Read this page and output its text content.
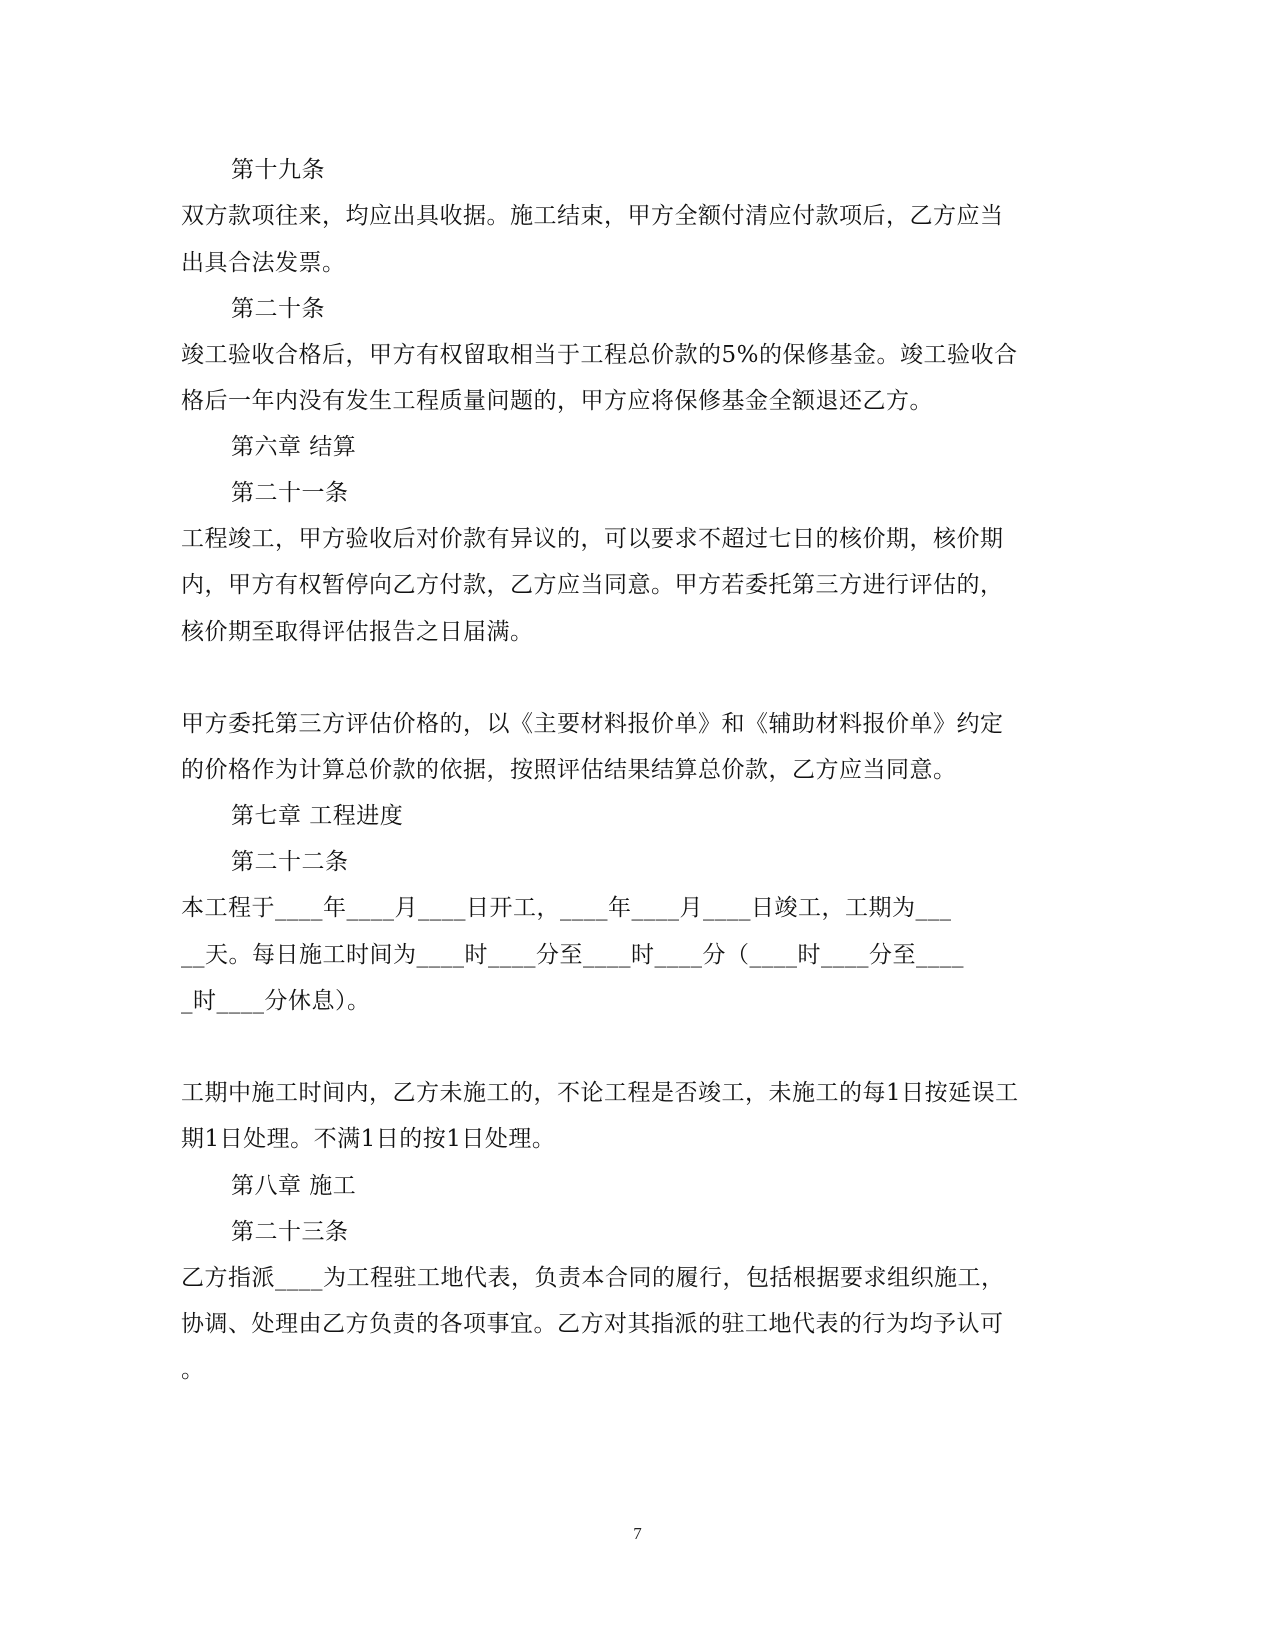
第十九条
双方款项往来，均应出具收据。施工结束，甲方全额付清应付款项后，乙方应当
出具合法发票。
第二十条
竣工验收合格后，甲方有权留取相当于工程总价款的5%的保修基金。竣工验收合
格后一年内没有发生工程质量问题的，甲方应将保修基金全额退还乙方。
第六章 结算
第二十一条
工程竣工，甲方验收后对价款有异议的，可以要求不超过七日的核价期，核价期
内，甲方有权暂停向乙方付款，乙方应当同意。甲方若委托第三方进行评估的，
核价期至取得评估报告之日届满。
甲方委托第三方评估价格的，以《主要材料报价单》和《辅助材料报价单》约定
的价格作为计算总价款的依据，按照评估结果结算总价款，乙方应当同意。
第七章 工程进度
第二十二条
本工程于____年____月____日开工，____年____月____日竣工，工期为___
__天。每日施工时间为____时____分至____时____分（____时____分至____
_时____分休息）。
工期中施工时间内，乙方未施工的，不论工程是否竣工，未施工的每1日按延误工
期1日处理。不满1日的按1日处理。
第八章 施工
第二十三条
乙方指派____为工程驻工地代表，负责本合同的履行，包括根据要求组织施工，
协调、处理由乙方负责的各项事宜。乙方对其指派的驻工地代表的行为均予认可
。
7
